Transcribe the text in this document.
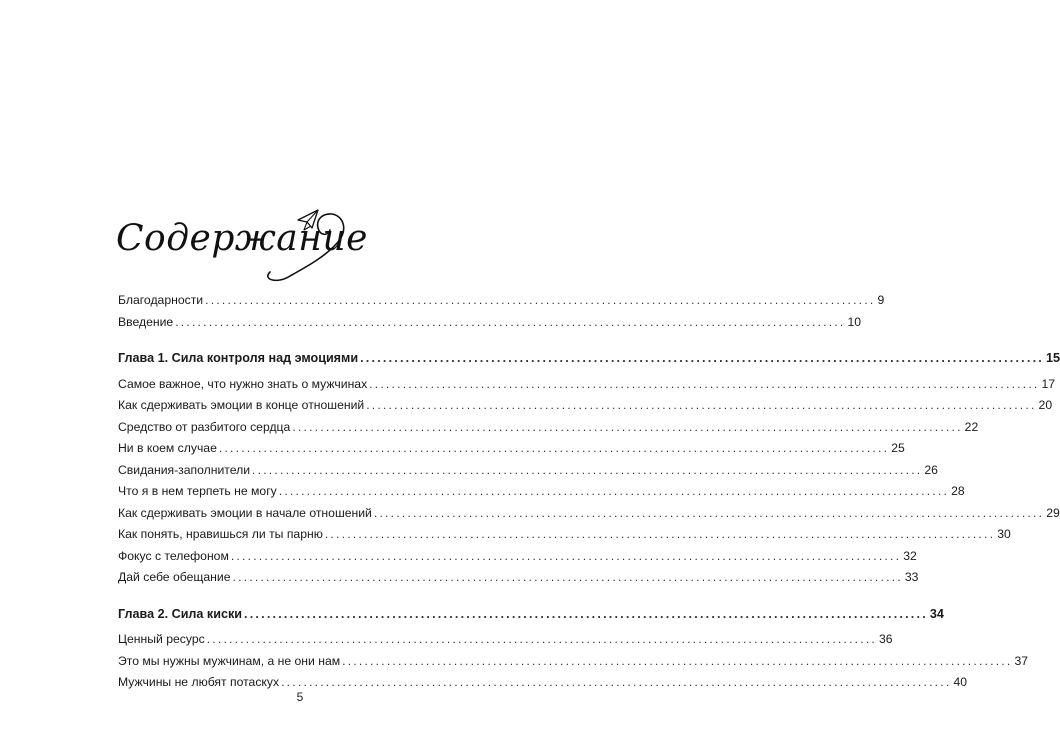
Содержание
Благодарности ........................................................................................................................ 9
Введение ........................................................................................................................ 10
Глава 1. Сила контроля над эмоциями ........................................................................................................................ 15
Самое важное, что нужно знать о мужчинах ........................................................................................................................ 17
Как сдерживать эмоции в конце отношений ........................................................................................................................ 20
Средство от разбитого сердца ........................................................................................................................ 22
Ни в коем случае ........................................................................................................................ 25
Свидания-заполнители ........................................................................................................................ 26
Что я в нем терпеть не могу ........................................................................................................................ 28
Как сдерживать эмоции в начале отношений ........................................................................................................................ 29
Как понять, нравишься ли ты парню ........................................................................................................................ 30
Фокус с телефоном ........................................................................................................................ 32
Дай себе обещание ........................................................................................................................ 33
Глава 2. Сила киски ........................................................................................................................ 34
Ценный ресурс ........................................................................................................................ 36
Это мы нужны мужчинам, а не они нам ........................................................................................................................ 37
Мужчины не любят потаскух ........................................................................................................................ 40
5
